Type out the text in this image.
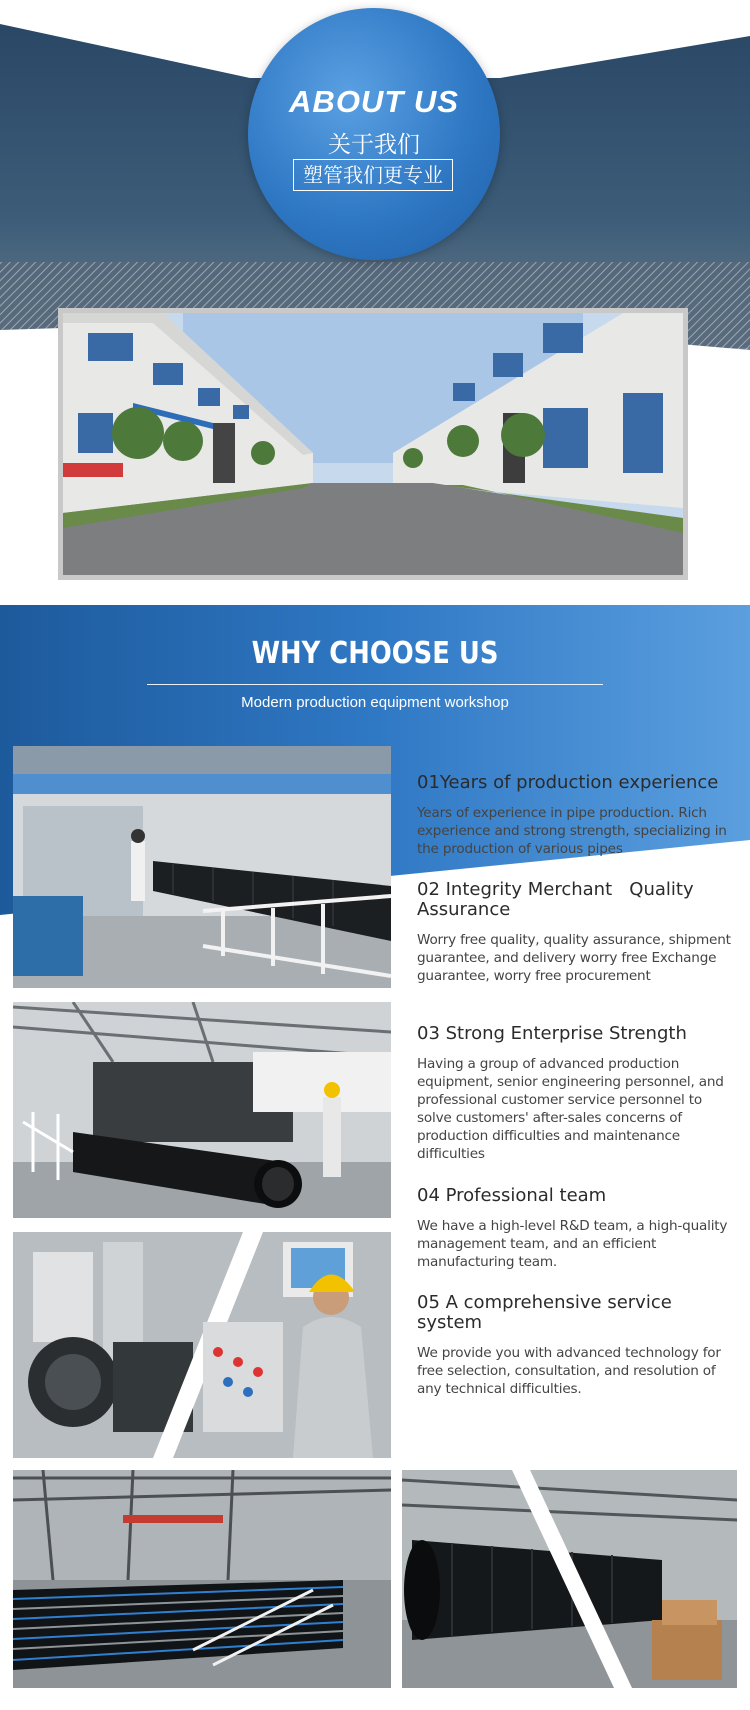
ABOUT US
关于我们
塑管我们更专业
WHY CHOOSE US
Modern production equipment workshop
01Years of production experience

Years of experience in pipe production. Rich experience and strong strength, specializing in the production of various pipes

02 Integrity Merchant   Quality Assurance

Worry free quality, quality assurance, shipment guarantee, and delivery worry free Exchange guarantee, worry free procurement

03 Strong Enterprise Strength

Having a group of advanced production equipment, senior engineering personnel, and professional customer service personnel to solve customers' after-sales concerns of production difficulties and maintenance difficulties

04 Professional team

We have a high-level R&D team, a high-quality management team, and an efficient manufacturing team.

05 A comprehensive service system

We provide you with advanced technology for free selection, consultation, and resolution of any technical difficulties.
